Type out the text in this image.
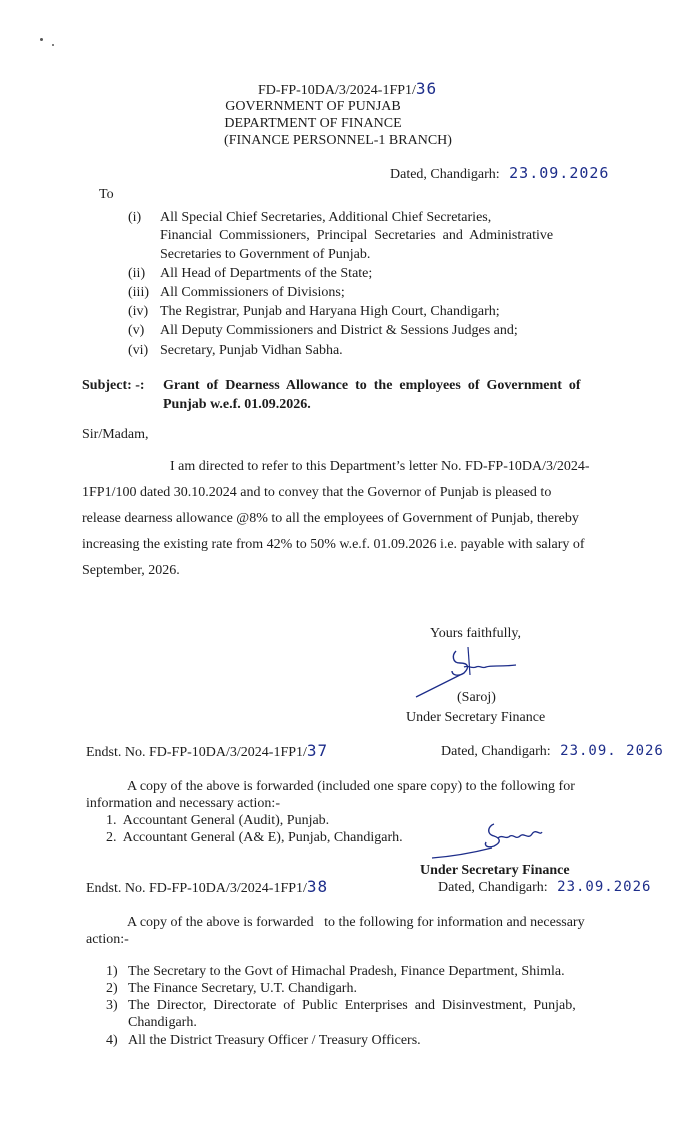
FD-FP-10DA/3/2024-1FP1/36
GOVERNMENT OF PUNJAB
DEPARTMENT OF FINANCE
(FINANCE PERSONNEL-1 BRANCH)
Dated, Chandigarh: 23.09.2026
To
(i) All Special Chief Secretaries, Additional Chief Secretaries,
Financial  Commissioners,  Principal  Secretaries  and  Administrative
Secretaries to Government of Punjab.
(ii) All Head of Departments of the State;
(iii) All Commissioners of Divisions;
(iv) The Registrar, Punjab and Haryana High Court, Chandigarh;
(v) All Deputy Commissioners and District & Sessions Judges and;
(vi) Secretary, Punjab Vidhan Sabha.
Subject: -: Grant  of  Dearness  Allowance  to  the  employees  of  Government  of
Punjab w.e.f. 01.09.2026.
Sir/Madam,
I am directed to refer to this Department’s letter No. FD-FP-10DA/3/2024-
1FP1/100 dated 30.10.2024 and to convey that the Governor of Punjab is pleased to
release dearness allowance @8% to all the employees of Government of Punjab, thereby
increasing the existing rate from 42% to 50% w.e.f. 01.09.2026 i.e. payable with salary of
September, 2026.
Yours faithfully,
(Saroj)
Under Secretary Finance
Endst. No. FD-FP-10DA/3/2024-1FP1/37	Dated, Chandigarh: 23.09. 2026
A copy of the above is forwarded (included one spare copy) to the following for
information and necessary action:-
1.  Accountant General (Audit), Punjab.
2.  Accountant General (A& E), Punjab, Chandigarh.
Under Secretary Finance
Endst. No. FD-FP-10DA/3/2024-1FP1/38	Dated, Chandigarh: 23.09.2026
A copy of the above is forwarded   to the following for information and necessary
action:-
1) The Secretary to the Govt of Himachal Pradesh, Finance Department, Shimla.
2) The Finance Secretary, U.T. Chandigarh.
3) The  Director,  Directorate  of  Public  Enterprises  and  Disinvestment,  Punjab,
Chandigarh.
4) All the District Treasury Officer / Treasury Officers.
